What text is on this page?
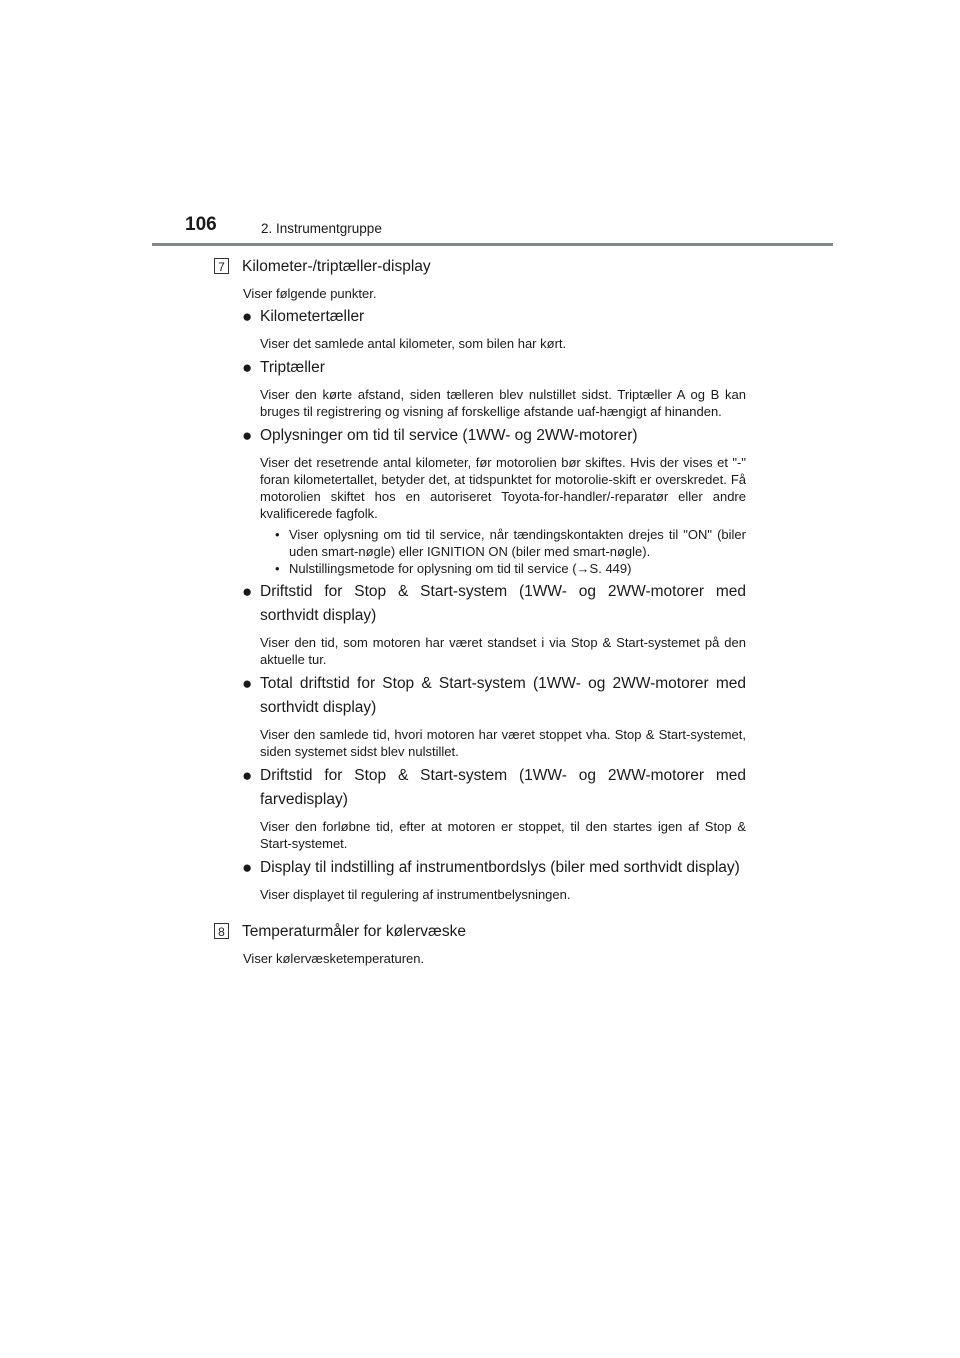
106	2. Instrumentgruppe
7 Kilometer-/triptæller-display
Viser følgende punkter.
● Kilometertæller
Viser det samlede antal kilometer, som bilen har kørt.
● Triptæller
Viser den kørte afstand, siden tælleren blev nulstillet sidst. Triptæller A og B kan bruges til registrering og visning af forskellige afstande uaf-hængigt af hinanden.
● Oplysninger om tid til service (1WW- og 2WW-motorer)
Viser det resetrende antal kilometer, før motorolien bør skiftes. Hvis der vises et "-" foran kilometertallet, betyder det, at tidspunktet for motorolie-skift er overskredet. Få motorolien skiftet hos en autoriseret Toyota-for-handler/-reparatør eller andre kvalificerede fagfolk.
• Viser oplysning om tid til service, når tændingskontakten drejes til "ON" (biler uden smart-nøgle) eller IGNITION ON (biler med smart-nøgle).
• Nulstillingsmetode for oplysning om tid til service (→S. 449)
● Driftstid for Stop & Start-system (1WW- og 2WW-motorer med sorthvidt display)
Viser den tid, som motoren har været standset i via Stop & Start-systemet på den aktuelle tur.
● Total driftstid for Stop & Start-system (1WW- og 2WW-motorer med sorthvidt display)
Viser den samlede tid, hvori motoren har været stoppet vha. Stop & Start-systemet, siden systemet sidst blev nulstillet.
● Driftstid for Stop & Start-system (1WW- og 2WW-motorer med farvedisplay)
Viser den forløbne tid, efter at motoren er stoppet, til den startes igen af Stop & Start-systemet.
● Display til indstilling af instrumentbordslys (biler med sorthvidt display)
Viser displayet til regulering af instrumentbelysningen.
8 Temperaturmåler for kølervæske
Viser kølervæsketemperaturen.
